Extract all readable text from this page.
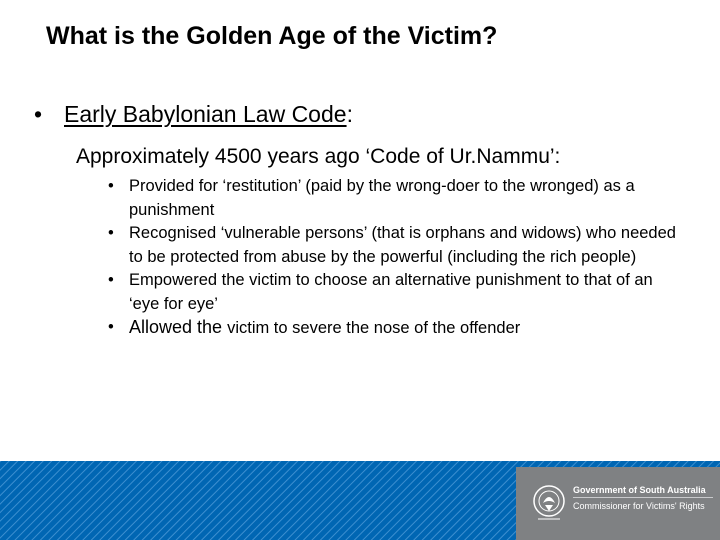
What is the Golden Age of the Victim?
• Early Babylonian Law Code:
Approximately 4500 years ago ‘Code of Ur.Nammu’:
• Provided for ‘restitution’ (paid by the wrong-doer to the wronged) as a punishment
• Recognised ‘vulnerable persons’ (that is orphans and widows) who needed to be protected from abuse by the powerful (including the rich people)
• Empowered the victim to choose an alternative punishment to that of an ‘eye for eye’
• Allowed the victim to severe the nose of the offender
Government of South Australia
Commissioner for Victims' Rights
